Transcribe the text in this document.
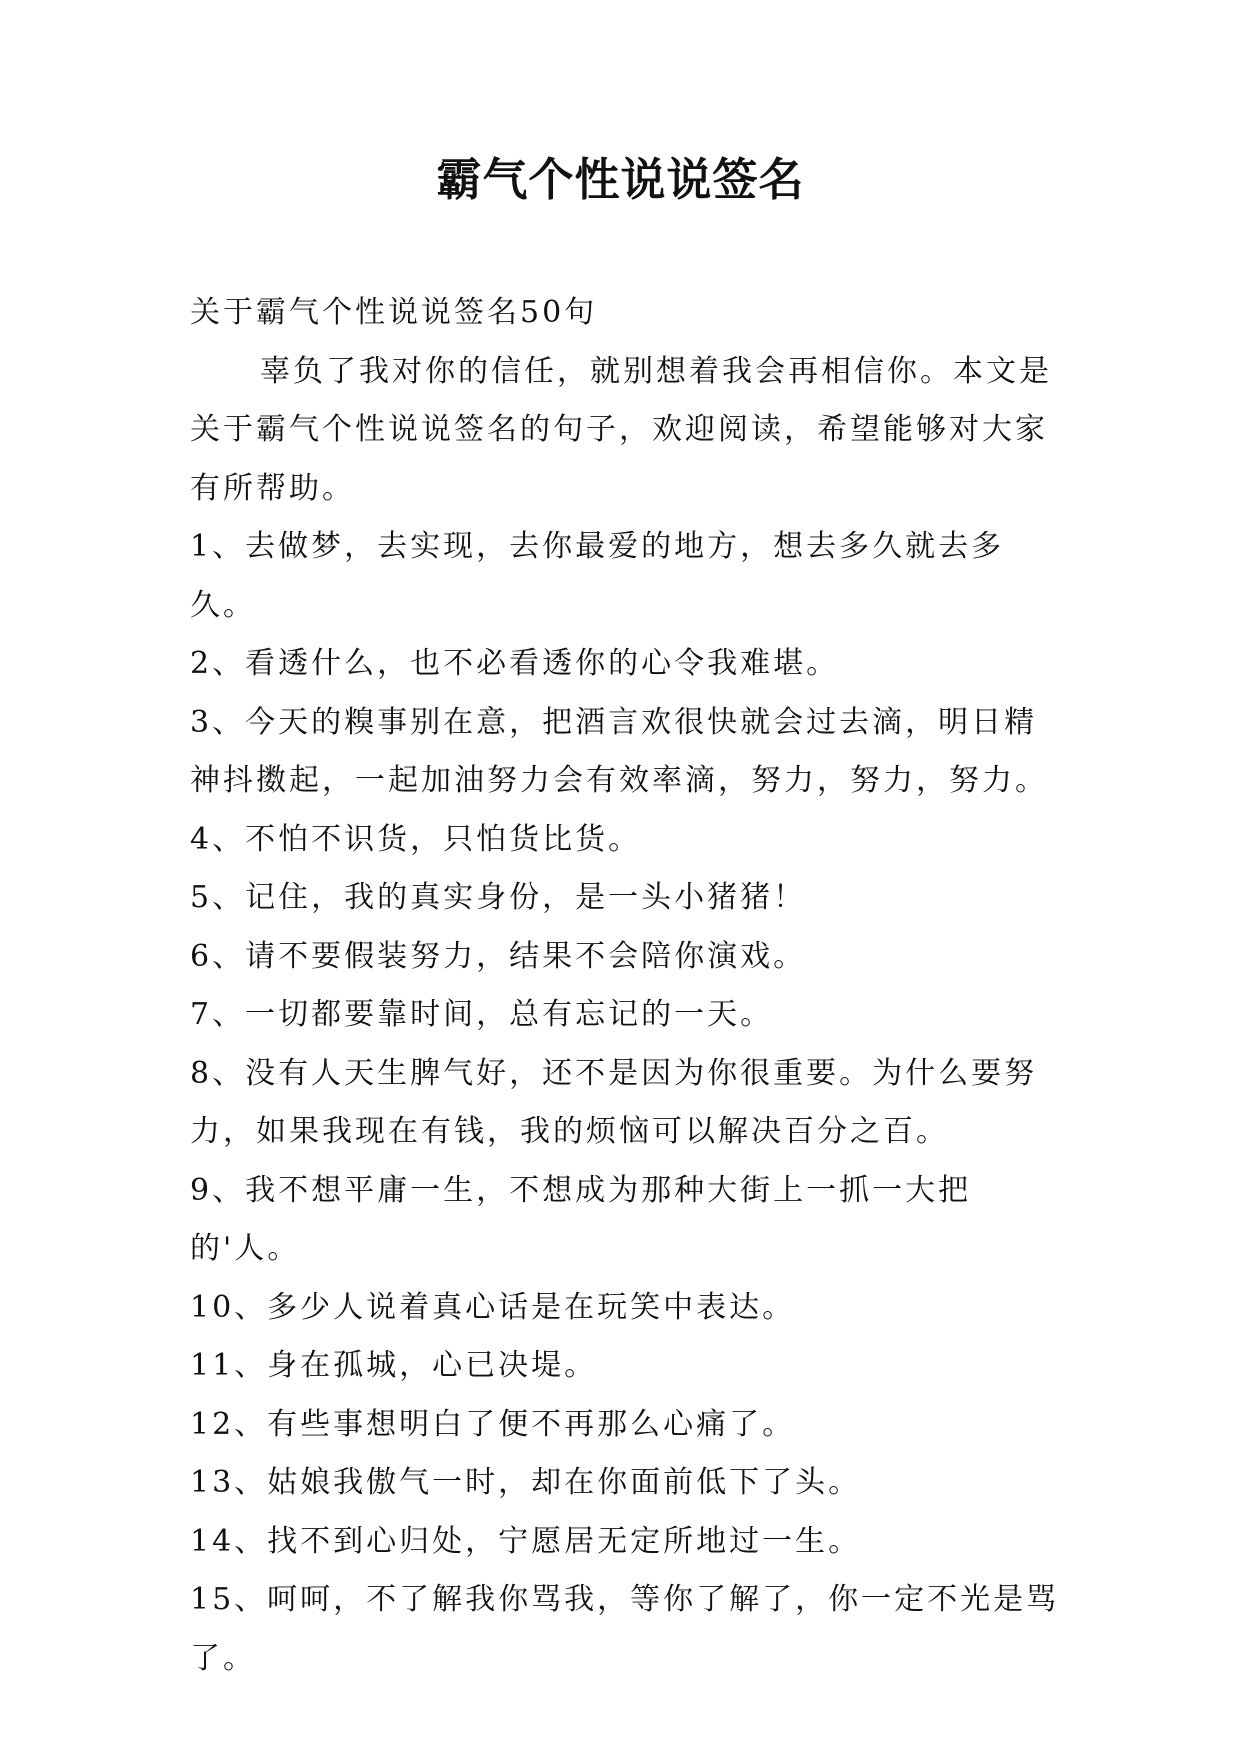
霸气个性说说签名

关于霸气个性说说签名50句

辜负了我对你的信任，就别想着我会再相信你。本文是关于霸气个性说说签名的句子，欢迎阅读，希望能够对大家有所帮助。

1、去做梦，去实现，去你最爱的地方，想去多久就去多久。

2、看透什么，也不必看透你的心令我难堪。

3、今天的糗事别在意，把酒言欢很快就会过去滴，明日精神抖擞起，一起加油努力会有效率滴，努力，努力，努力。

4、不怕不识货，只怕货比货。

5、记住，我的真实身份，是一头小猪猪！

6、请不要假装努力，结果不会陪你演戏。

7、一切都要靠时间，总有忘记的一天。

8、没有人天生脾气好，还不是因为你很重要。为什么要努力，如果我现在有钱，我的烦恼可以解决百分之百。

9、我不想平庸一生，不想成为那种大街上一抓一大把的'人。

10、多少人说着真心话是在玩笑中表达。

11、身在孤城，心已决堤。

12、有些事想明白了便不再那么心痛了。

13、姑娘我傲气一时，却在你面前低下了头。

14、找不到心归处，宁愿居无定所地过一生。

15、呵呵，不了解我你骂我，等你了解了，你一定不光是骂了。
